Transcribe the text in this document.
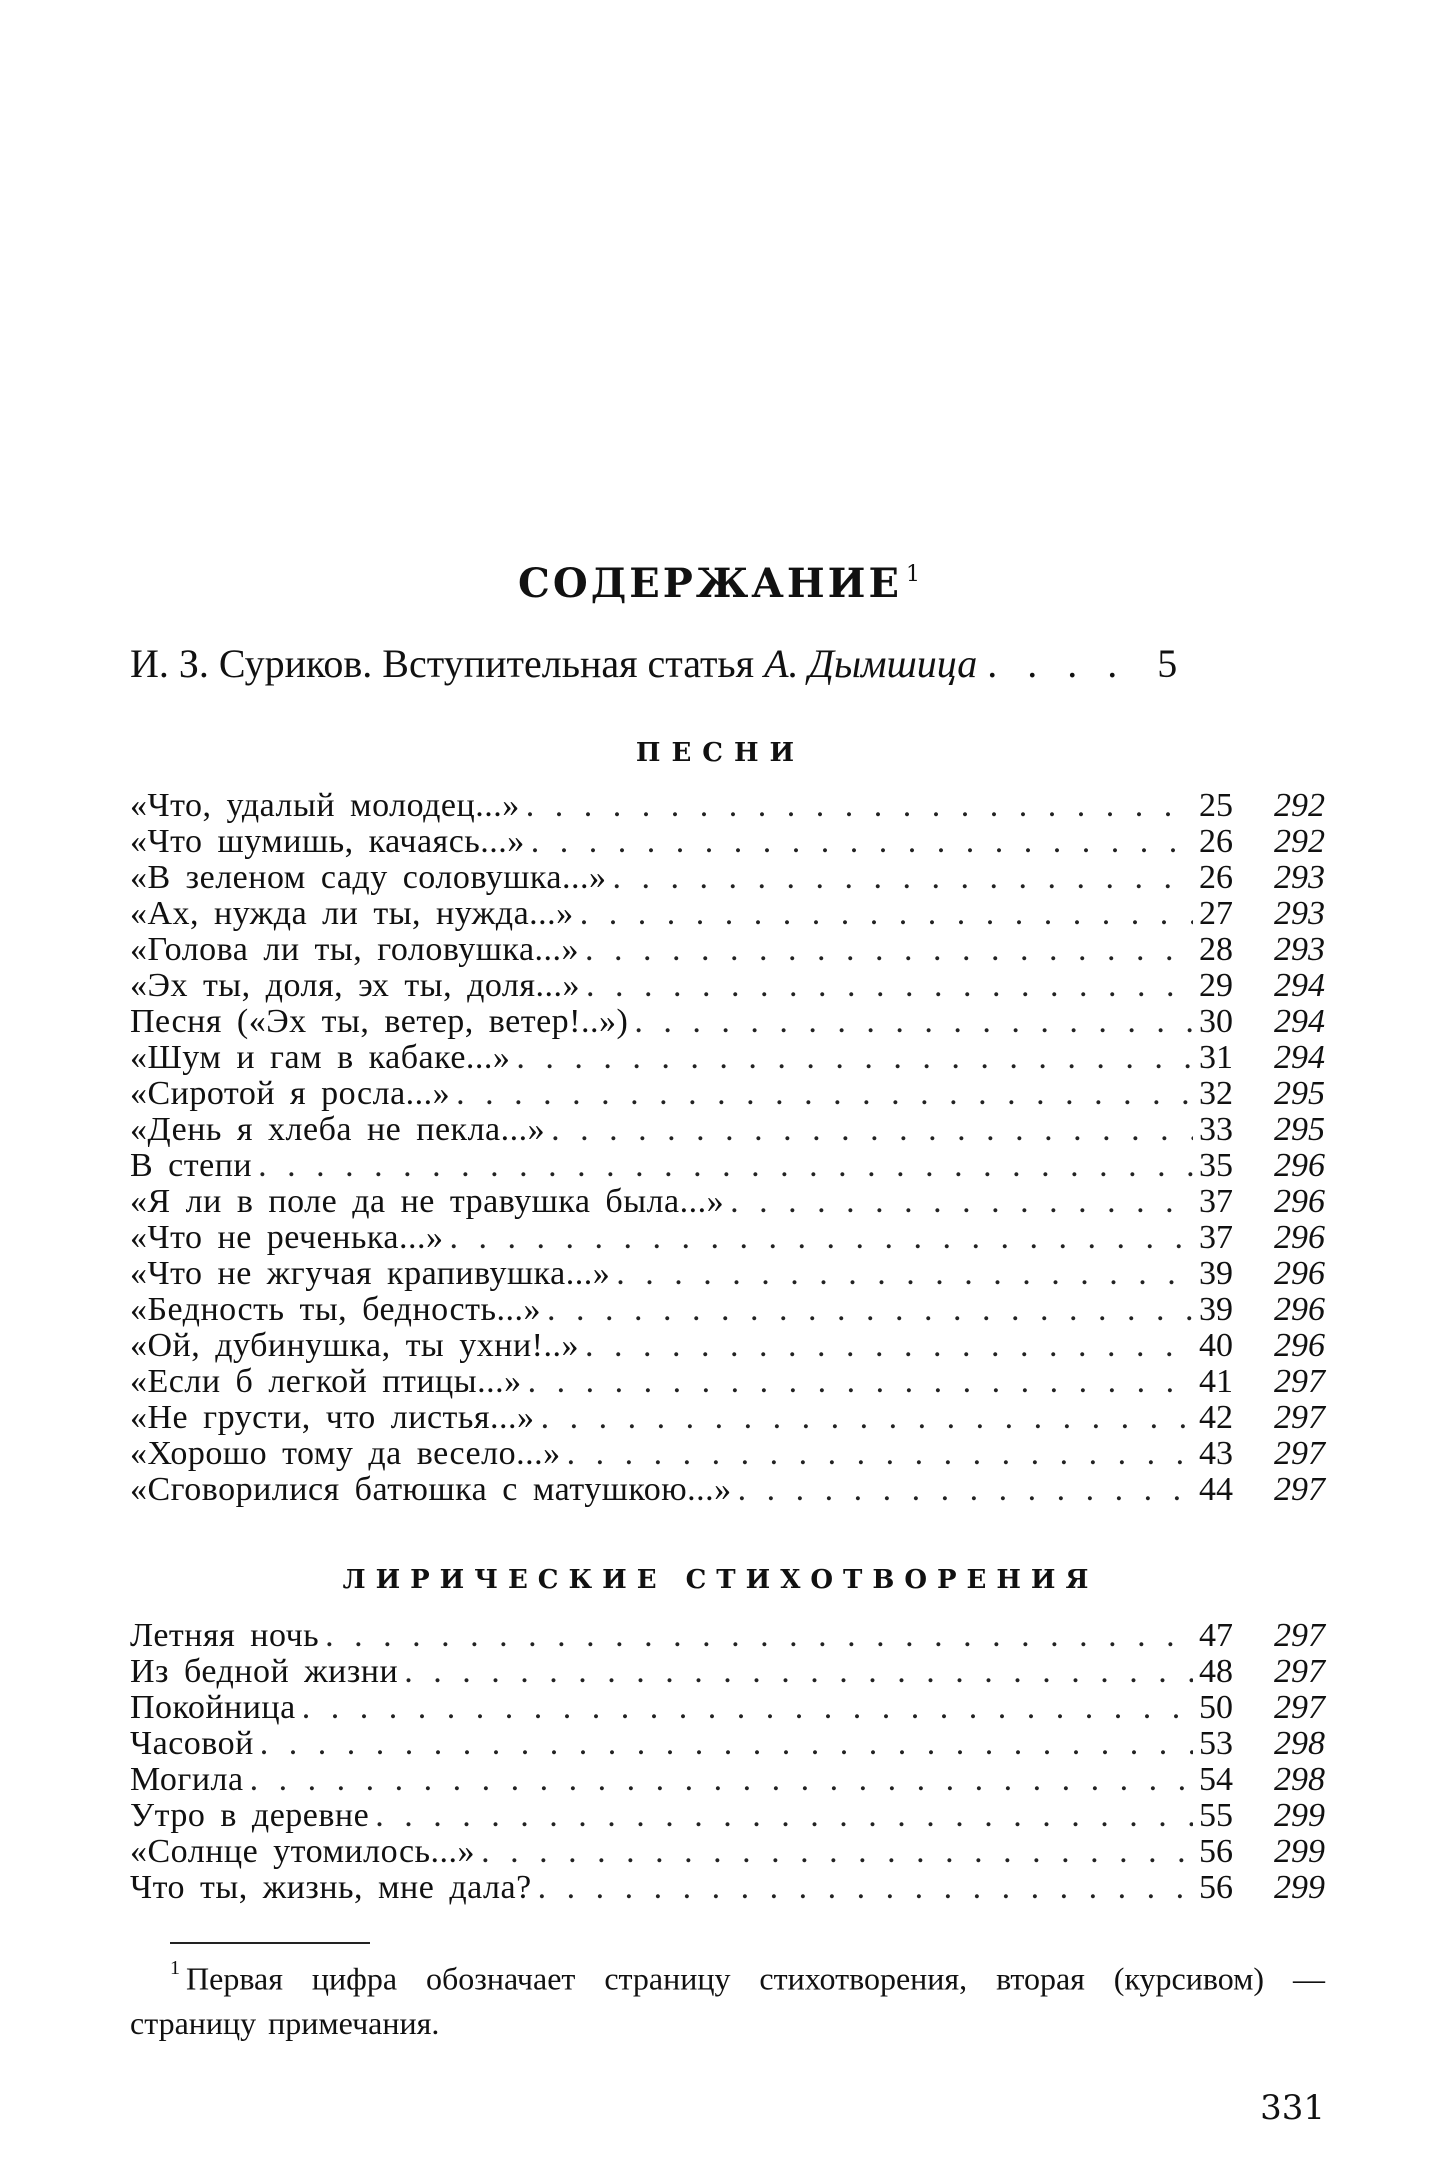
СОДЕРЖАНИЕ $^1$
И. З. Суриков. Вступительная статья А. Дымшица . . . . 5
ПЕСНИ
«Что, удалый молодец...» . . .	25	292
«Что шумишь, качаясь...» . . .	26	292
«В зеленом саду соловушка...» . . .	26	293
«Ах, нужда ли ты, нужда...» . . .	27	293
«Голова ли ты, головушка...» . . .	28	293
«Эх ты, доля, эх ты, доля...» . . .	29	294
Песня («Эх ты, ветер, ветер!..») . . .	30	294
«Шум и гам в кабаке...» . . .	31	294
«Сиротой я росла...» . . .	32	295
«День я хлеба не пекла...» . . .	33	295
В степи . . .	35	296
«Я ли в поле да не травушка была...» . . .	37	296
«Что не реченька...» . . .	37	296
«Что не жгучая крапивушка...» . . .	39	296
«Бедность ты, бедность...» . . .	39	296
«Ой, дубинушка, ты ухни!..» . . .	40	296
«Если б легкой птицы...» . . .	41	297
«Не грусти, что листья...» . . .	42	297
«Хорошо тому да весело...» . . .	43	297
«Сговорилися батюшка с матушкою...» . . .	44	297
ЛИРИЧЕСКИЕ СТИХОТВОРЕНИЯ
Летняя ночь . . .	47	297
Из бедной жизни . . .	48	297
Покойница . . .	50	297
Часовой . . .	53	298
Могила . . .	54	298
Утро в деревне . . .	55	299
«Солнце утомилось...» . . .	56	299
Что ты, жизнь, мне дала? . . .	56	299
$^1$ Первая цифра обозначает страницу стихотворения, вторая (курсивом) — страницу примечания.
331
